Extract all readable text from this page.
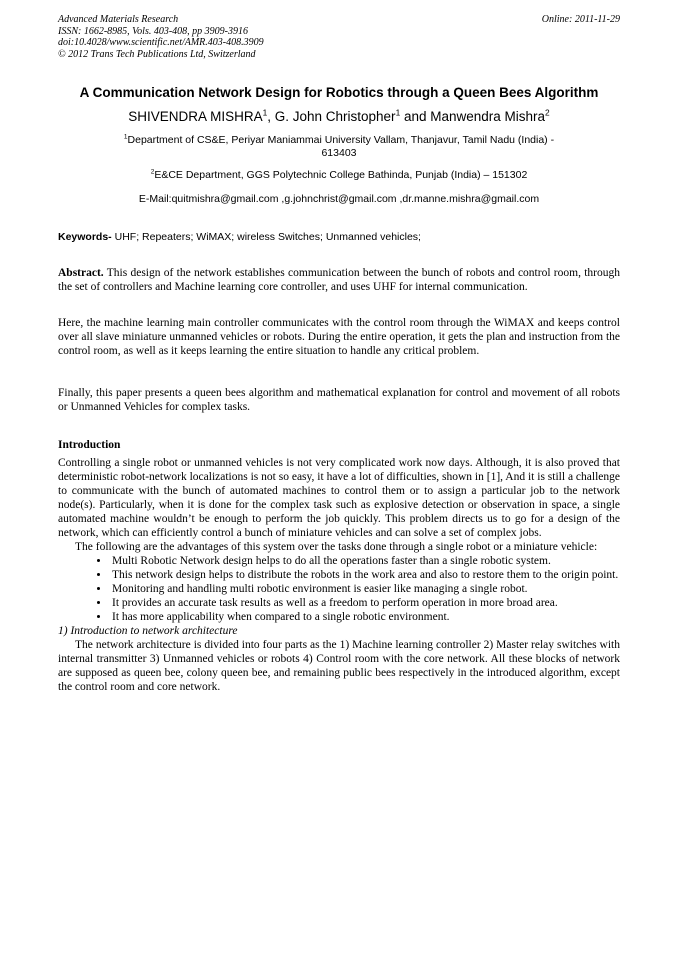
Advanced Materials Research
ISSN: 1662-8985, Vols. 403-408, pp 3909-3916
doi:10.4028/www.scientific.net/AMR.403-408.3909
© 2012 Trans Tech Publications Ltd, Switzerland
Online: 2011-11-29
A Communication Network Design for Robotics through a Queen Bees Algorithm
SHIVENDRA MISHRA$^1$, G. John Christopher$^1$ and Manwendra Mishra$^2$
$^1$Department of CS&E, Periyar Maniammai University Vallam, Thanjavur, Tamil Nadu (India) -
613403
$^2$E&CE Department, GGS Polytechnic College Bathinda, Punjab (India) – 151302
E-Mail:quitmishra@gmail.com ,g.johnchrist@gmail.com ,dr.manne.mishra@gmail.com
Keywords- UHF; Repeaters; WiMAX; wireless Switches; Unmanned vehicles;

Abstract. This design of the network establishes communication between the bunch of robots and control room, through the set of controllers and Machine learning core controller, and uses UHF for internal communication.

Here, the machine learning main controller communicates with the control room through the WiMAX and keeps control over all slave miniature unmanned vehicles or robots. During the entire operation, it gets the plan and instruction from the control room, as well as it keeps learning the entire situation to handle any critical problem.

Finally, this paper presents a queen bees algorithm and mathematical explanation for control and movement of all robots or Unmanned Vehicles for complex tasks.

Introduction

Controlling a single robot or unmanned vehicles is not very complicated work now days. Although, it is also proved that deterministic robot-network localizations is not so easy, it have a lot of difficulties, shown in [1], And it is still a challenge to communicate with the bunch of automated machines to control them or to assign a particular job to the network node(s). Particularly, when it is done for the complex task such as explosive detection or observation in space, a single automated machine wouldn’t be enough to perform the job quickly. This problem directs us to go for a design of the network, which can efficiently control a bunch of miniature vehicles and can solve a set of complex jobs.

The following are the advantages of this system over the tasks done through a single robot or a miniature vehicle:

• Multi Robotic Network design helps to do all the operations faster than a single robotic system.
• This network design helps to distribute the robots in the work area and also to restore them to the origin point.
• Monitoring and handling multi robotic environment is easier like managing a single robot.
• It provides an accurate task results as well as a freedom to perform operation in more broad area.
• It has more applicability when compared to a single robotic environment.

1) Introduction to network architecture

The network architecture is divided into four parts as the 1) Machine learning controller 2) Master relay switches with internal transmitter 3) Unmanned vehicles or robots 4) Control room with the core network. All these blocks of network are supposed as queen bee, colony queen bee, and remaining public bees respectively in the introduced algorithm, except the control room and core network.
